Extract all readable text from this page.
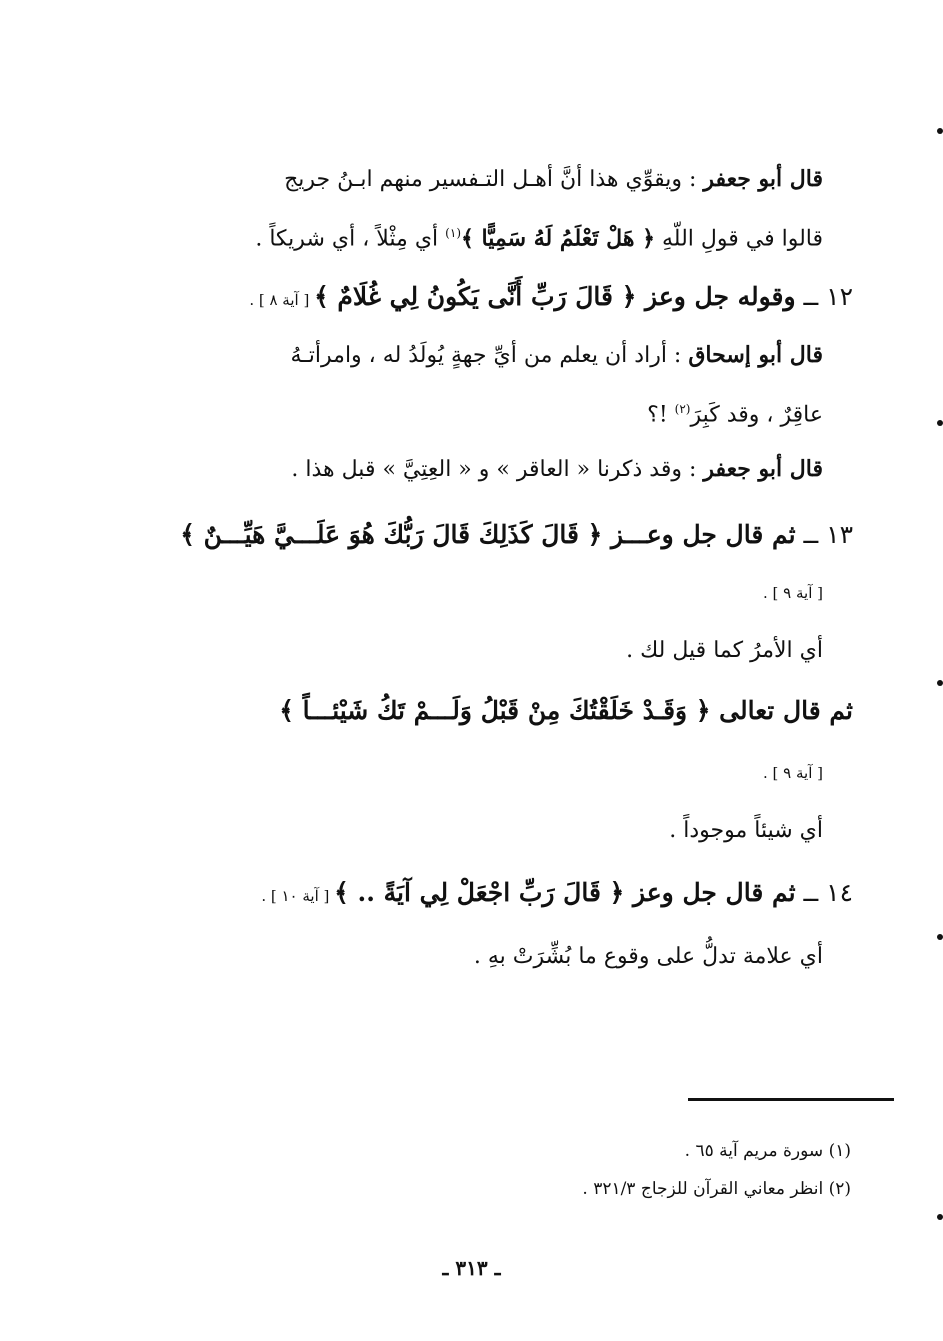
قال أبو جعفر : ويقوِّي هذا أنَّ أهـل التـفسير منهم ابـنُ جريج
قالوا في قولِ اللّهِ ﴿ هَلْ تَعْلَمُ لَهُ سَمِيًّا ﴾$^{(١)}$ أي مِثْلاً ، أي شريكاً .
١٢ ــ وقوله جل وعز ﴿ قَالَ رَبِّ أَنَّى يَكُونُ لِي غُلَامٌ ﴾ [ آية ٨ ] .
قال أبو إسحاق : أراد أن يعلم من أيِّ جهةٍ يُولَدُ له ، وامرأتـهُ
عاقِرٌ ، وقد كَبِرَ$^{(٢)}$ !؟
قال أبو جعفر : وقد ذكرنا « العاقر » و « العِتِيَّ » قبل هذا .
١٣ ــ ثم قال جل وعـــز ﴿ قَالَ كَذَلِكَ قَالَ رَبُّكَ هُوَ عَلَـــيَّ هَيِّـــنٌ ﴾
[ آية ٩ ] .
أي الأمرُ كما قيل لك .
ثم قال تعالى ﴿ وَقَـدْ خَلَقْتُكَ مِنْ قَبْلُ وَلَـــمْ تَكُ شَيْئـــاً ﴾
[ آية ٩ ] .
أي شيئاً موجوداً .
١٤ ــ ثم قال جل وعز ﴿ قَالَ رَبِّ اجْعَلْ لِي آيَةً .. ﴾ [ آية ١٠ ] .
أي علامة تدلُّ على وقوع ما بُشِّرَتْ بهِ .
(١) سورة مريم آية ٦٥ .
(٢) انظر معاني القرآن للزجاج ٣٢١/٣ .
ـ ٣١٣ ـ
